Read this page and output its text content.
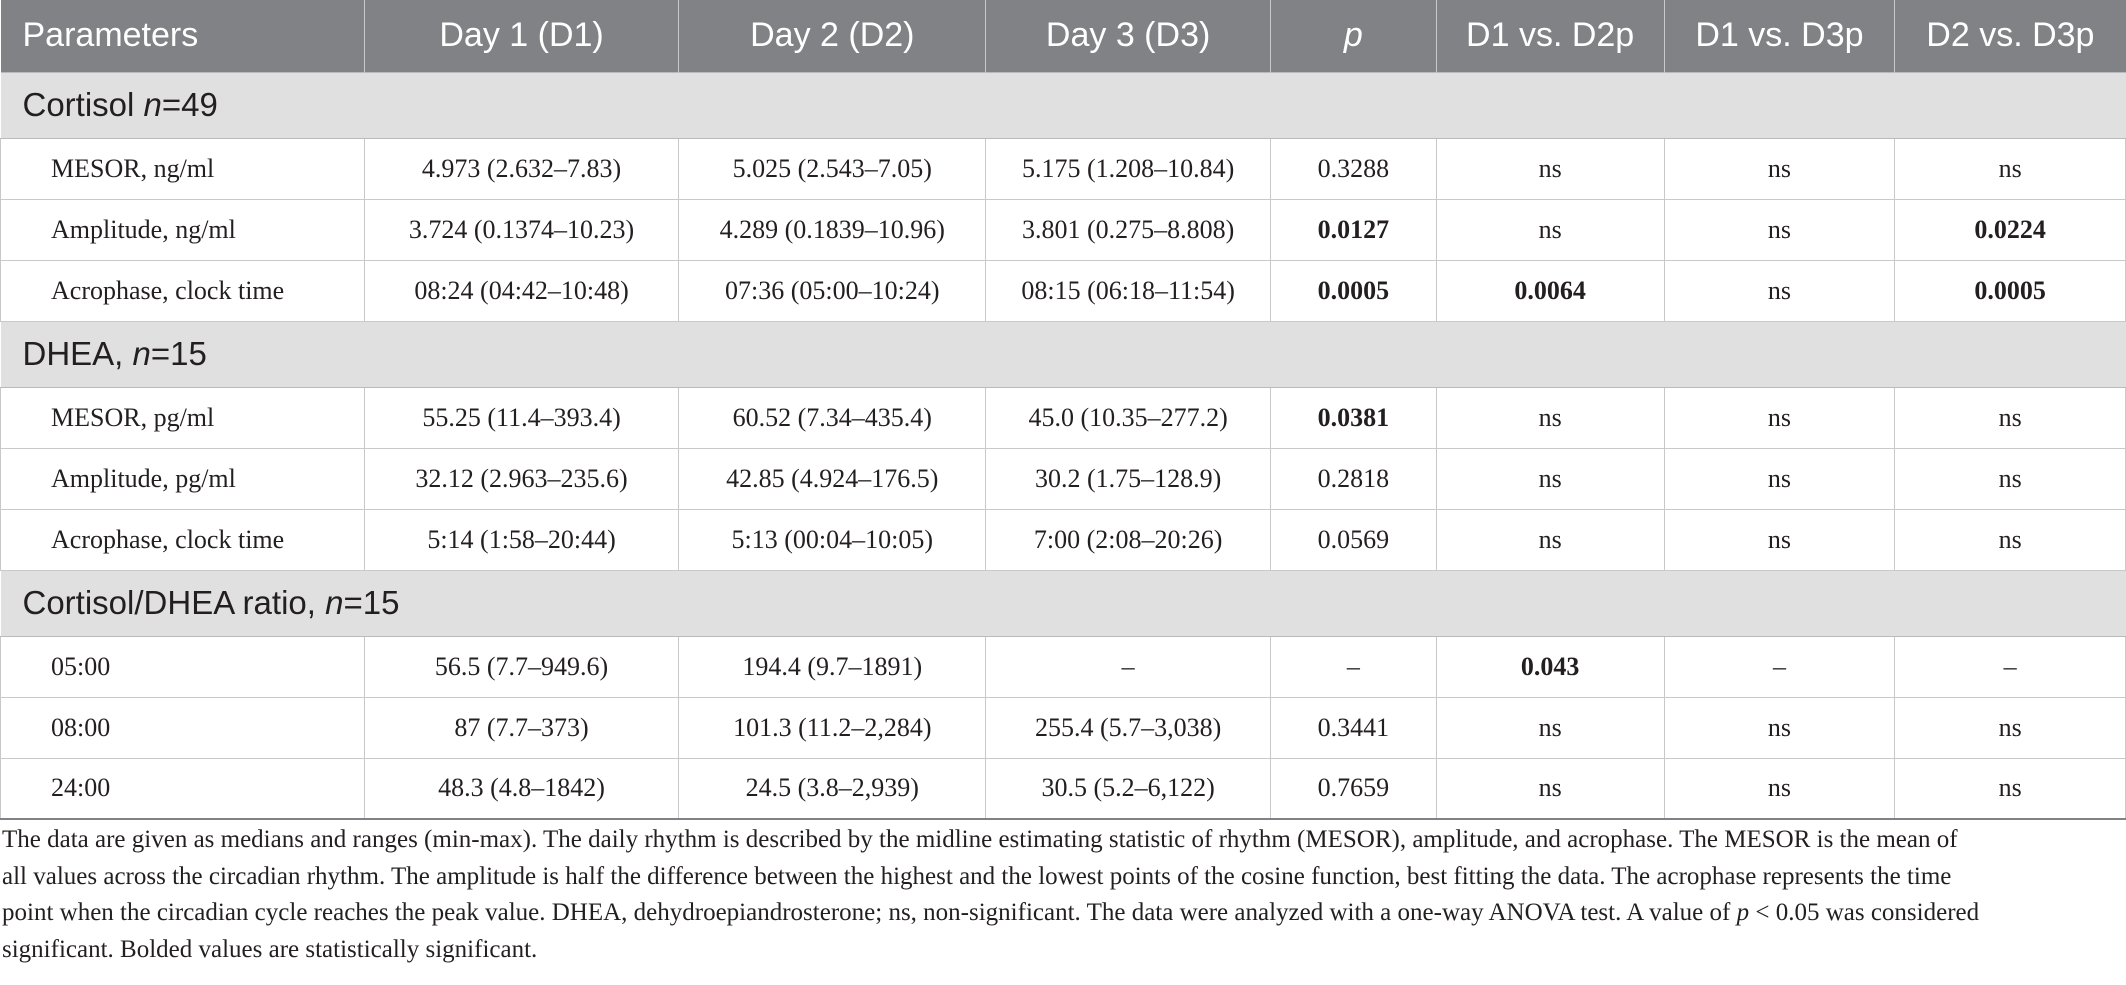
Parameters	Day 1 (D1)	Day 2 (D2)	Day 3 (D3)	p	D1 vs. D2p	D1 vs. D3p	D2 vs. D3p
Cortisol n=49							
MESOR, ng/ml	4.973 (2.632–7.83)	5.025 (2.543–7.05)	5.175 (1.208–10.84)	0.3288	ns	ns	ns
Amplitude, ng/ml	3.724 (0.1374–10.23)	4.289 (0.1839–10.96)	3.801 (0.275–8.808)	0.0127	ns	ns	0.0224
Acrophase, clock time	08:24 (04:42–10:48)	07:36 (05:00–10:24)	08:15 (06:18–11:54)	0.0005	0.0064	ns	0.0005
DHEA, n=15							
MESOR, pg/ml	55.25 (11.4–393.4)	60.52 (7.34–435.4)	45.0 (10.35–277.2)	0.0381	ns	ns	ns
Amplitude, pg/ml	32.12 (2.963–235.6)	42.85 (4.924–176.5)	30.2 (1.75–128.9)	0.2818	ns	ns	ns
Acrophase, clock time	5:14 (1:58–20:44)	5:13 (00:04–10:05)	7:00 (2:08–20:26)	0.0569	ns	ns	ns
Cortisol/DHEA ratio, n=15							
05:00	56.5 (7.7–949.6)	194.4 (9.7–1891)	–	–	0.043	–	–
08:00	87 (7.7–373)	101.3 (11.2–2,284)	255.4 (5.7–3,038)	0.3441	ns	ns	ns
24:00	48.3 (4.8–1842)	24.5 (3.8–2,939)	30.5 (5.2–6,122)	0.7659	ns	ns	ns

The data are given as medians and ranges (min-max). The daily rhythm is described by the midline estimating statistic of rhythm (MESOR), amplitude, and acrophase. The MESOR is the mean of

all values across the circadian rhythm. The amplitude is half the difference between the highest and the lowest points of the cosine function, best fitting the data. The acrophase represents the time

point when the circadian cycle reaches the peak value. DHEA, dehydroepiandrosterone; ns, non-significant. The data were analyzed with a one-way ANOVA test. A value of p < 0.05 was considered

significant. Bolded values are statistically significant.
